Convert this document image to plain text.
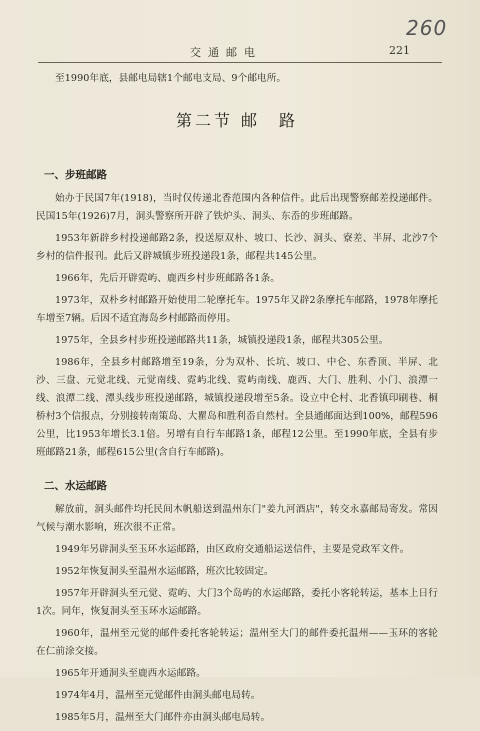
260
交通邮电	221

至1990年底，县邮电局辖1个邮电支局、9个邮电所。

第二节 邮　路
一、步班邮路

始办于民国7年(1918)，当时仅传递北香范围内各种信件。此后出现警察邮差投递邮件。民国15年(1926)7月，洞头警察所开辟了铁炉头、洞头、东岙的步班邮路。

1953年新辟乡村投递邮路2条，投送原双朴、坡口、长沙、洞头、寮差、半屏、北沙7个乡村的信件报刊。此后又辟城镇步班投递段1条，邮程共145公里。

1966年，先后开辟霓屿、鹿西乡村步班邮路各1条。

1973年，双朴乡村邮路开始使用二轮摩托车。1975年又辟2条摩托车邮路，1978年摩托车增至7辆。后因不适宜海岛乡村邮路而停用。

1975年，全县乡村步班投递邮路共11条，城镇投递段1条，邮程共305公里。

1986年，全县乡村邮路增至19条，分为双朴、长坑、坡口、中仑、东香顶、半屏、北沙、三盘、元觉北线、元觉南线、霓屿北线、霓屿南线、鹿西、大门、胜利、小门、浪潭一线、浪潭二线、潭头线步班投递邮路，城镇投递段增至5条。设立中仑村、北香镇印刷巷、桐桥村3个信报点，分别接转南策岛、大瞿岛和胜利岙自然村。全县通邮面达到100%，邮程596公里，比1953年增长3.1倍。另增有自行车邮路1条，邮程12公里。至1990年底，全县有步班邮路21条，邮程615公里(含自行车邮路)。

二、水运邮路

解放前，洞头邮件均托民间木帆船送到温州东门"姜九河酒店"，转交永嘉邮局寄发。常因气候与潮水影响，班次很不正常。

1949年另辟洞头至玉环水运邮路，由区政府交通船运送信件，主要是党政军文件。

1952年恢复洞头至温州水运邮路，班次比较固定。

1957年开辟洞头至元觉、霓屿、大门3个岛屿的水运邮路，委托小客轮转运，基本上日行1次。同年，恢复洞头至玉环水运邮路。

1960年，温州至元觉的邮件委托客轮转运；温州至大门的邮件委托温州——玉环的客轮在仁前涂交接。

1965年开通洞头至鹿西水运邮路。

1974年4月，温州至元觉邮件由洞头邮电局转。

1985年5月，温州至大门邮件亦由洞头邮电局转。
